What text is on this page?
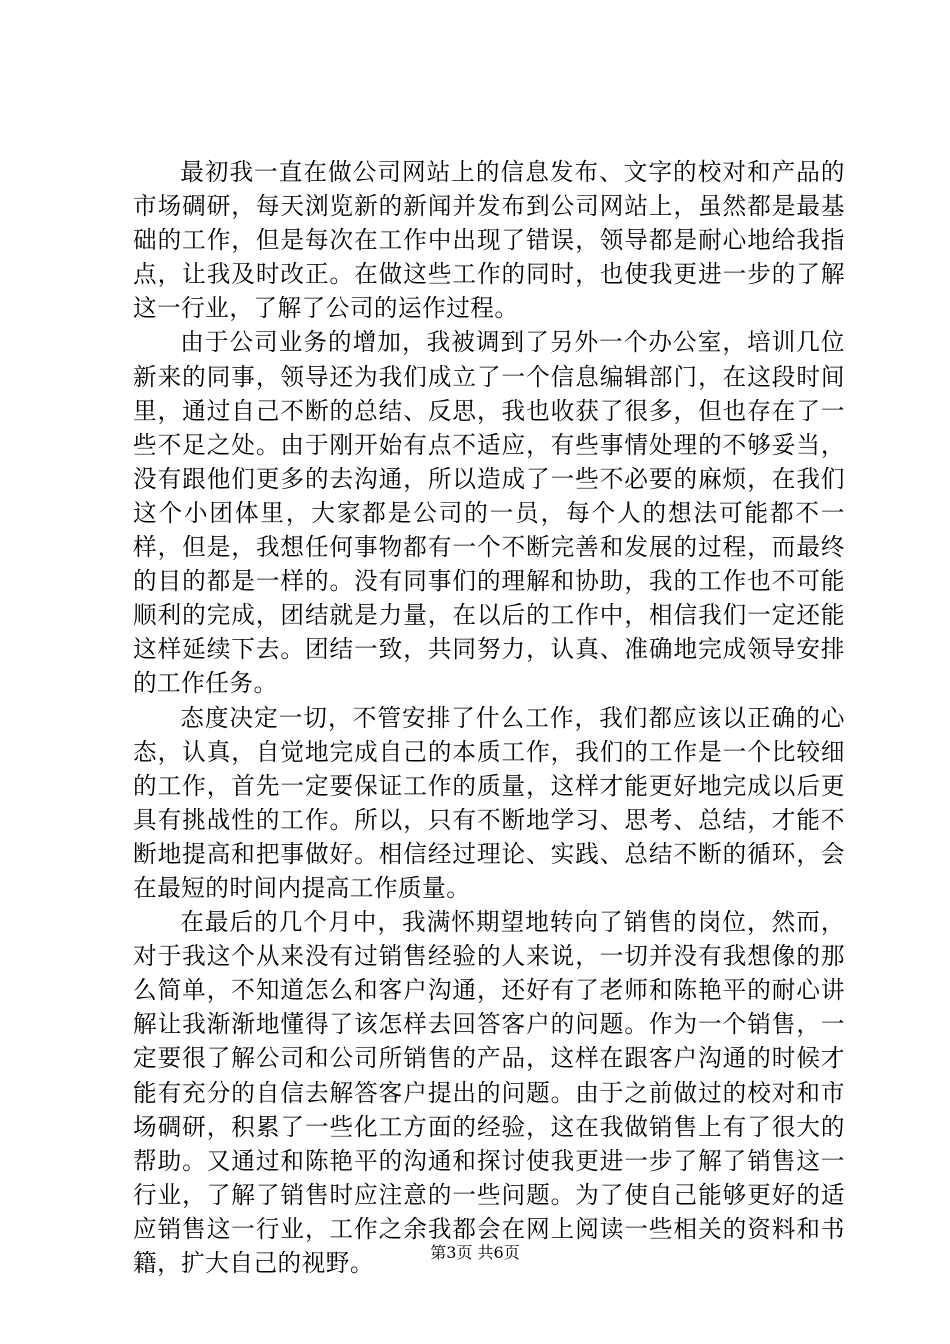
最初我一直在做公司网站上的信息发布、文字的校对和产品的市场碉研，每天浏览新的新闻并发布到公司网站上，虽然都是最基础的工作，但是每次在工作中出现了错误，领导都是耐心地给我指点，让我及时改正。在做这些工作的同时，也使我更进一步的了解这一行业，了解了公司的运作过程。

由于公司业务的增加，我被调到了另外一个办公室，培训几位新来的同事，领导还为我们成立了一个信息编辑部门，在这段时间里，通过自己不断的总结、反思，我也收获了很多，但也存在了一些不足之处。由于刚开始有点不适应，有些事情处理的不够妥当，没有跟他们更多的去沟通，所以造成了一些不必要的麻烦，在我们这个小团体里，大家都是公司的一员，每个人的想法可能都不一样，但是，我想任何事物都有一个不断完善和发展的过程，而最终的目的都是一样的。没有同事们的理解和协助，我的工作也不可能顺利的完成，团结就是力量，在以后的工作中，相信我们一定还能这样延续下去。团结一致，共同努力，认真、准确地完成领导安排的工作任务。

态度决定一切，不管安排了什么工作，我们都应该以正确的心态，认真，自觉地完成自己的本质工作，我们的工作是一个比较细的工作，首先一定要保证工作的质量，这样才能更好地完成以后更具有挑战性的工作。所以，只有不断地学习、思考、总结，才能不断地提高和把事做好。相信经过理论、实践、总结不断的循环，会在最短的时间内提高工作质量。

在最后的几个月中，我满怀期望地转向了销售的岗位，然而，对于我这个从来没有过销售经验的人来说，一切并没有我想像的那么简单，不知道怎么和客户沟通，还好有了老师和陈艳平的耐心讲解让我渐渐地懂得了该怎样去回答客户的问题。作为一个销售，一定要很了解公司和公司所销售的产品，这样在跟客户沟通的时候才能有充分的自信去解答客户提出的问题。由于之前做过的校对和市场碉研，积累了一些化工方面的经验，这在我做销售上有了很大的帮助。又通过和陈艳平的沟通和探讨使我更进一步了解了销售这一行业，了解了销售时应注意的一些问题。为了使自己能够更好的适应销售这一行业，工作之余我都会在网上阅读一些相关的资料和书籍，扩大自己的视野。	第3页 共6页
